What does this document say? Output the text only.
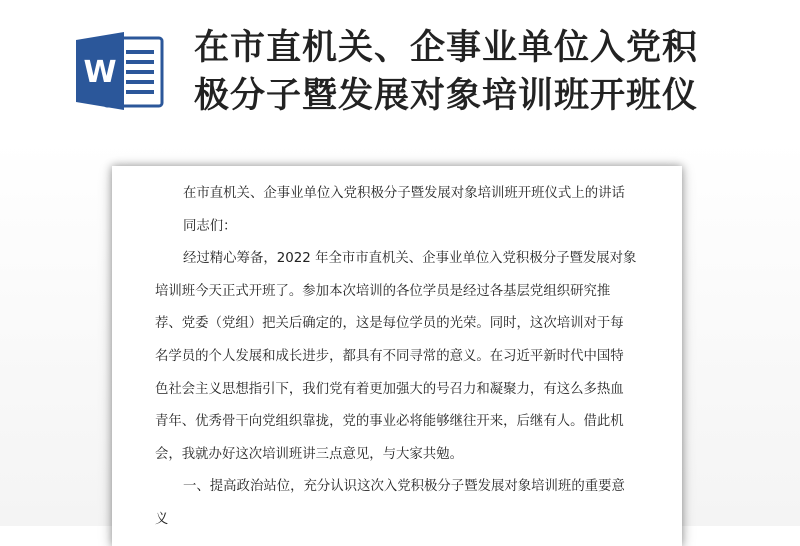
W
在市直机关、企事业单位入党积
极分子暨发展对象培训班开班仪

在市直机关、企事业单位入党积极分子暨发展对象培训班开班仪式上的讲话

同志们：

经过精心筹备，2022 年全市市直机关、企事业单位入党积极分子暨发展对象
培训班今天正式开班了。参加本次培训的各位学员是经过各基层党组织研究推
荐、党委（党组）把关后确定的，这是每位学员的光荣。同时，这次培训对于每
名学员的个人发展和成长进步，都具有不同寻常的意义。在习近平新时代中国特
色社会主义思想指引下，我们党有着更加强大的号召力和凝聚力，有这么多热血
青年、优秀骨干向党组织靠拢，党的事业必将能够继往开来，后继有人。借此机
会，我就办好这次培训班讲三点意见，与大家共勉。

一、提高政治站位，充分认识这次入党积极分子暨发展对象培训班的重要意
义
